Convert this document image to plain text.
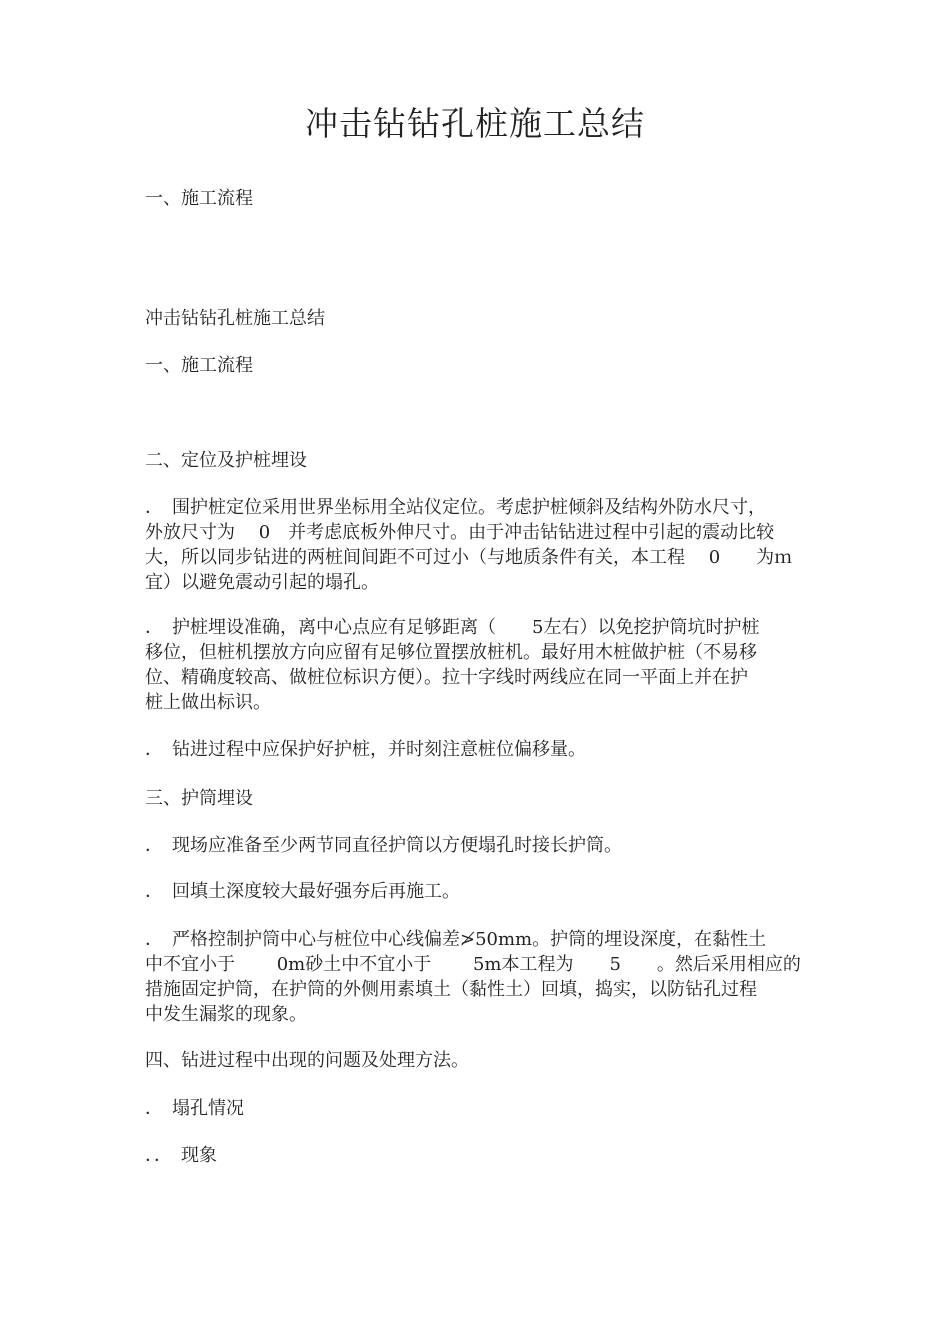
冲击钻钻孔桩施工总结
一、施工流程
冲击钻钻孔桩施工总结
一、施工流程
二、定位及护桩埋设
．　围护桩定位采用世界坐标用全站仪定位。考虑护桩倾斜及结构外防水尺寸，
外放尺寸为　 0　并考虑底板外伸尺寸。由于冲击钻钻进过程中引起的震动比较
大，所以同步钻进的两桩间间距不可过小（与地质条件有关，本工程　 0　　为ｍ
宜）以避免震动引起的塌孔。
．　护桩埋设准确，离中心点应有足够距离（　　5左右）以免挖护筒坑时护桩
移位，但桩机摆放方向应留有足够位置摆放桩机。最好用木桩做护桩（不易移
位、精确度较高、做桩位标识方便）。拉十字线时两线应在同一平面上并在护
桩上做出标识。
．　钻进过程中应保护好护桩，并时刻注意桩位偏移量。
三、护筒埋设
．　现场应准备至少两节同直径护筒以方便塌孔时接长护筒。
．　回填土深度较大最好强夯后再施工。
．　严格控制护筒中心与桩位中心线偏差≯50mm。护筒的埋设深度，在黏性土
中不宜小于　　 0m砂土中不宜小于　　 5m本工程为　　5　　。然后采用相应的
措施固定护筒，在护筒的外侧用素填土（黏性土）回填，捣实，以防钻孔过程
中发生漏浆的现象。
四、钻进过程中出现的问题及处理方法。
．　塌孔情况
．．　现象
